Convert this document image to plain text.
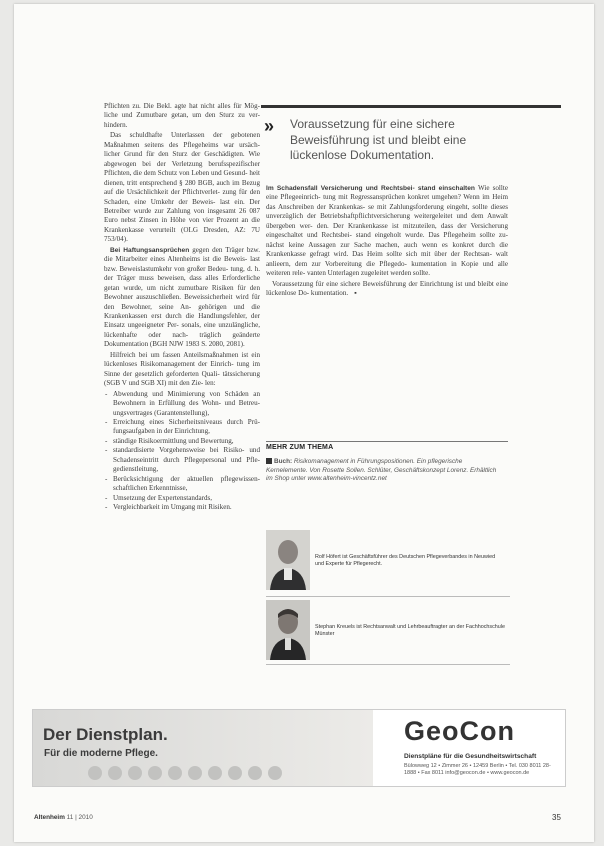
Pflichten zu. Die Bekl. agte hat nicht alles für Mög- liche und Zumutbare getan, um den Sturz zu ver- hindern.

Das schuldhafte Unterlassen der gebotenen Maßnahmen seitens des Pflegeheims war ursäch- licher Grund für den Sturz der Geschädigten. Wie abgewogen bei der Verletzung berufsspezifischer Pflichten, die dem Schutz von Leben und Gesund- heit dienen, tritt entsprechend § 280 BGB, auch im Bezug auf die Ursächlichkeit der Pflichtverlet- zung für den Schaden, eine Umkehr der Beweis- last ein. Der Betreiber wurde zur Zahlung von insgesamt 26 087 Euro nebst Zinsen in Höhe von vier Prozent an die Krankenkasse verurteilt (OLG Dresden, AZ: 7U 753/04).

Bei Haftungsansprüchen gegen den Träger bzw. die Mitarbeiter eines Altenheims ist die Beweis- last bzw. Beweislastumkehr von großer Bedeu- tung, d. h. der Träger muss beweisen, dass alles Erforderliche getan wurde, um nicht zumutbare Risiken für den Bewohner auszuschließen. Beweissicherheit wird für den Bewohner, seine An- gehörigen und die Krankenkassen erst durch die Handlungsfehler, der Einsatz ungeeigneter Per- sonals, eine unzulängliche, lückenhafte oder nach- träglich geänderte Dokumentation (BGH NJW 1983 S. 2080, 2081).

Hilfreich bei um fassen Anteilsmaßnahmen ist ein lückenloses Risikomanagement der Einrich- tung im Sinne der gesetzlich geforderten Quali- tätssicherung (SGB V und SGB XI) mit den Zie- len:

- Abwendung und Minimierung von Schäden an Bewohnern in Erfüllung des Wohn- und Betreu- ungsvertrages (Garantenstellung),
- Erreichung eines Sicherheitsniveaus durch Prü- fungsaufgaben in der Einrichtung,
- ständige Risikoermittlung und Bewertung,
- standardisierte Vorgehensweise bei Risiko- und Schadenseintritt durch Pflegepersonal und Pfle- gedienstleitung,
- Berücksichtigung der aktuellen pflegewissen- schaftlichen Erkenntnisse,
- Umsetzung der Expertenstandards,
- Vergleichbarkeit im Umgang mit Risiken.
» Voraussetzung für eine sichere Beweisführung ist und bleibt eine lückenlose Dokumentation.

Im Schadensfall Versicherung und Rechtsbei- stand einschalten Wie sollte eine Pflegeeinrich- tung mit Regressansprüchen konkret umgehen? Wenn im Heim das Anschreiben der Krankenkas- se mit Zahlungsforderung eingeht, sollte dieses unverzüglich der Betriebshaftpflichtversicherung weitergeleitet und dem Anwalt übergeben wer- den. Der Krankenkasse ist mitzuteilen, dass der Versicherung eingeschaltet und Rechtsbei- stand eingeholt wurde. Das Pflegeheim sollte zu- nächst keine Aussagen zur Sache machen, auch wenn es konkret durch die Krankenkasse gefragt wird. Das Heim sollte sich mit über der Rechtsan- walt anlieern, dem zur Vorbereitung die Pflegedo- kumentation in Kopie und alle weiteren rele- vanten Unterlagen zugeleitet werden sollte.

Voraussetzung für eine sichere Beweisführung der Einrichtung ist und bleibt eine lückenlose Do- kumentation. ▪

MEHR ZUM THEMA
Buch: Risikomanagement in Führungspositionen. Ein pflegerische Kernelemente. Von Rosette Sollen. Schlüter, Geschäftskonzept Lorenz. Erhältlich im Shop unter www.altenheim-vincentz.net
Rolf Höfert ist Geschäftsführer des Deutschen Pflegeverbandes in Neuwied und Experte für Pflegerecht.
Stephan Kreuels ist Rechtsanwalt und Lehrbeauftragter an der Fachhochschule Münster
Der Dienstplan.
Für die moderne Pflege.
GeoCon
Dienstpläne für die Gesundheitswirtschaft
Bülowweg 12 • Zimmer 26 • 12459 Berlin • Tel. 030 8011 28-1888 • Fax 8011 info@geocon.de • www.geocon.de
Altenheim 11 | 2010	35
